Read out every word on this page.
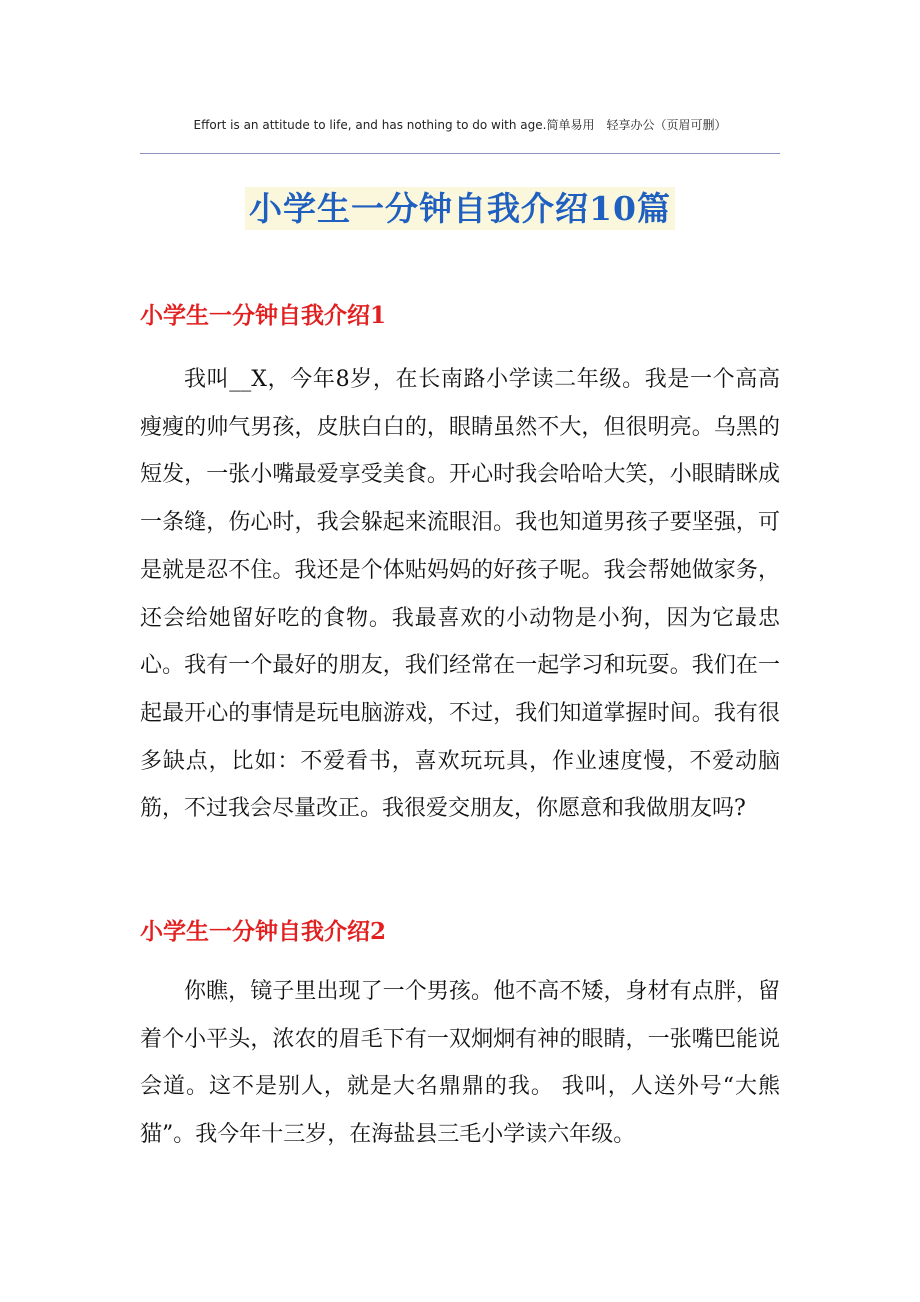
Effort is an attitude to life, and has nothing to do with age.简单易用　轻享办公（页眉可删）
小学生一分钟自我介绍10篇
小学生一分钟自我介绍1

我叫__X，今年8岁，在长南路小学读二年级。我是一个高高瘦瘦的帅气男孩，皮肤白白的，眼睛虽然不大，但很明亮。乌黑的短发，一张小嘴最爱享受美食。开心时我会哈哈大笑，小眼睛眯成一条缝，伤心时，我会躲起来流眼泪。我也知道男孩子要坚强，可是就是忍不住。我还是个体贴妈妈的好孩子呢。我会帮她做家务，还会给她留好吃的食物。我最喜欢的小动物是小狗，因为它最忠心。我有一个最好的朋友，我们经常在一起学习和玩耍。我们在一起最开心的事情是玩电脑游戏，不过，我们知道掌握时间。我有很多缺点，比如：不爱看书，喜欢玩玩具，作业速度慢，不爱动脑筋，不过我会尽量改正。我很爱交朋友，你愿意和我做朋友吗?

小学生一分钟自我介绍2

你瞧，镜子里出现了一个男孩。他不高不矮，身材有点胖，留着个小平头，浓农的眉毛下有一双炯炯有神的眼睛，一张嘴巴能说会道。这不是别人，就是大名鼎鼎的我。 我叫，人送外号“大熊猫”。我今年十三岁，在海盐县三毛小学读六年级。
